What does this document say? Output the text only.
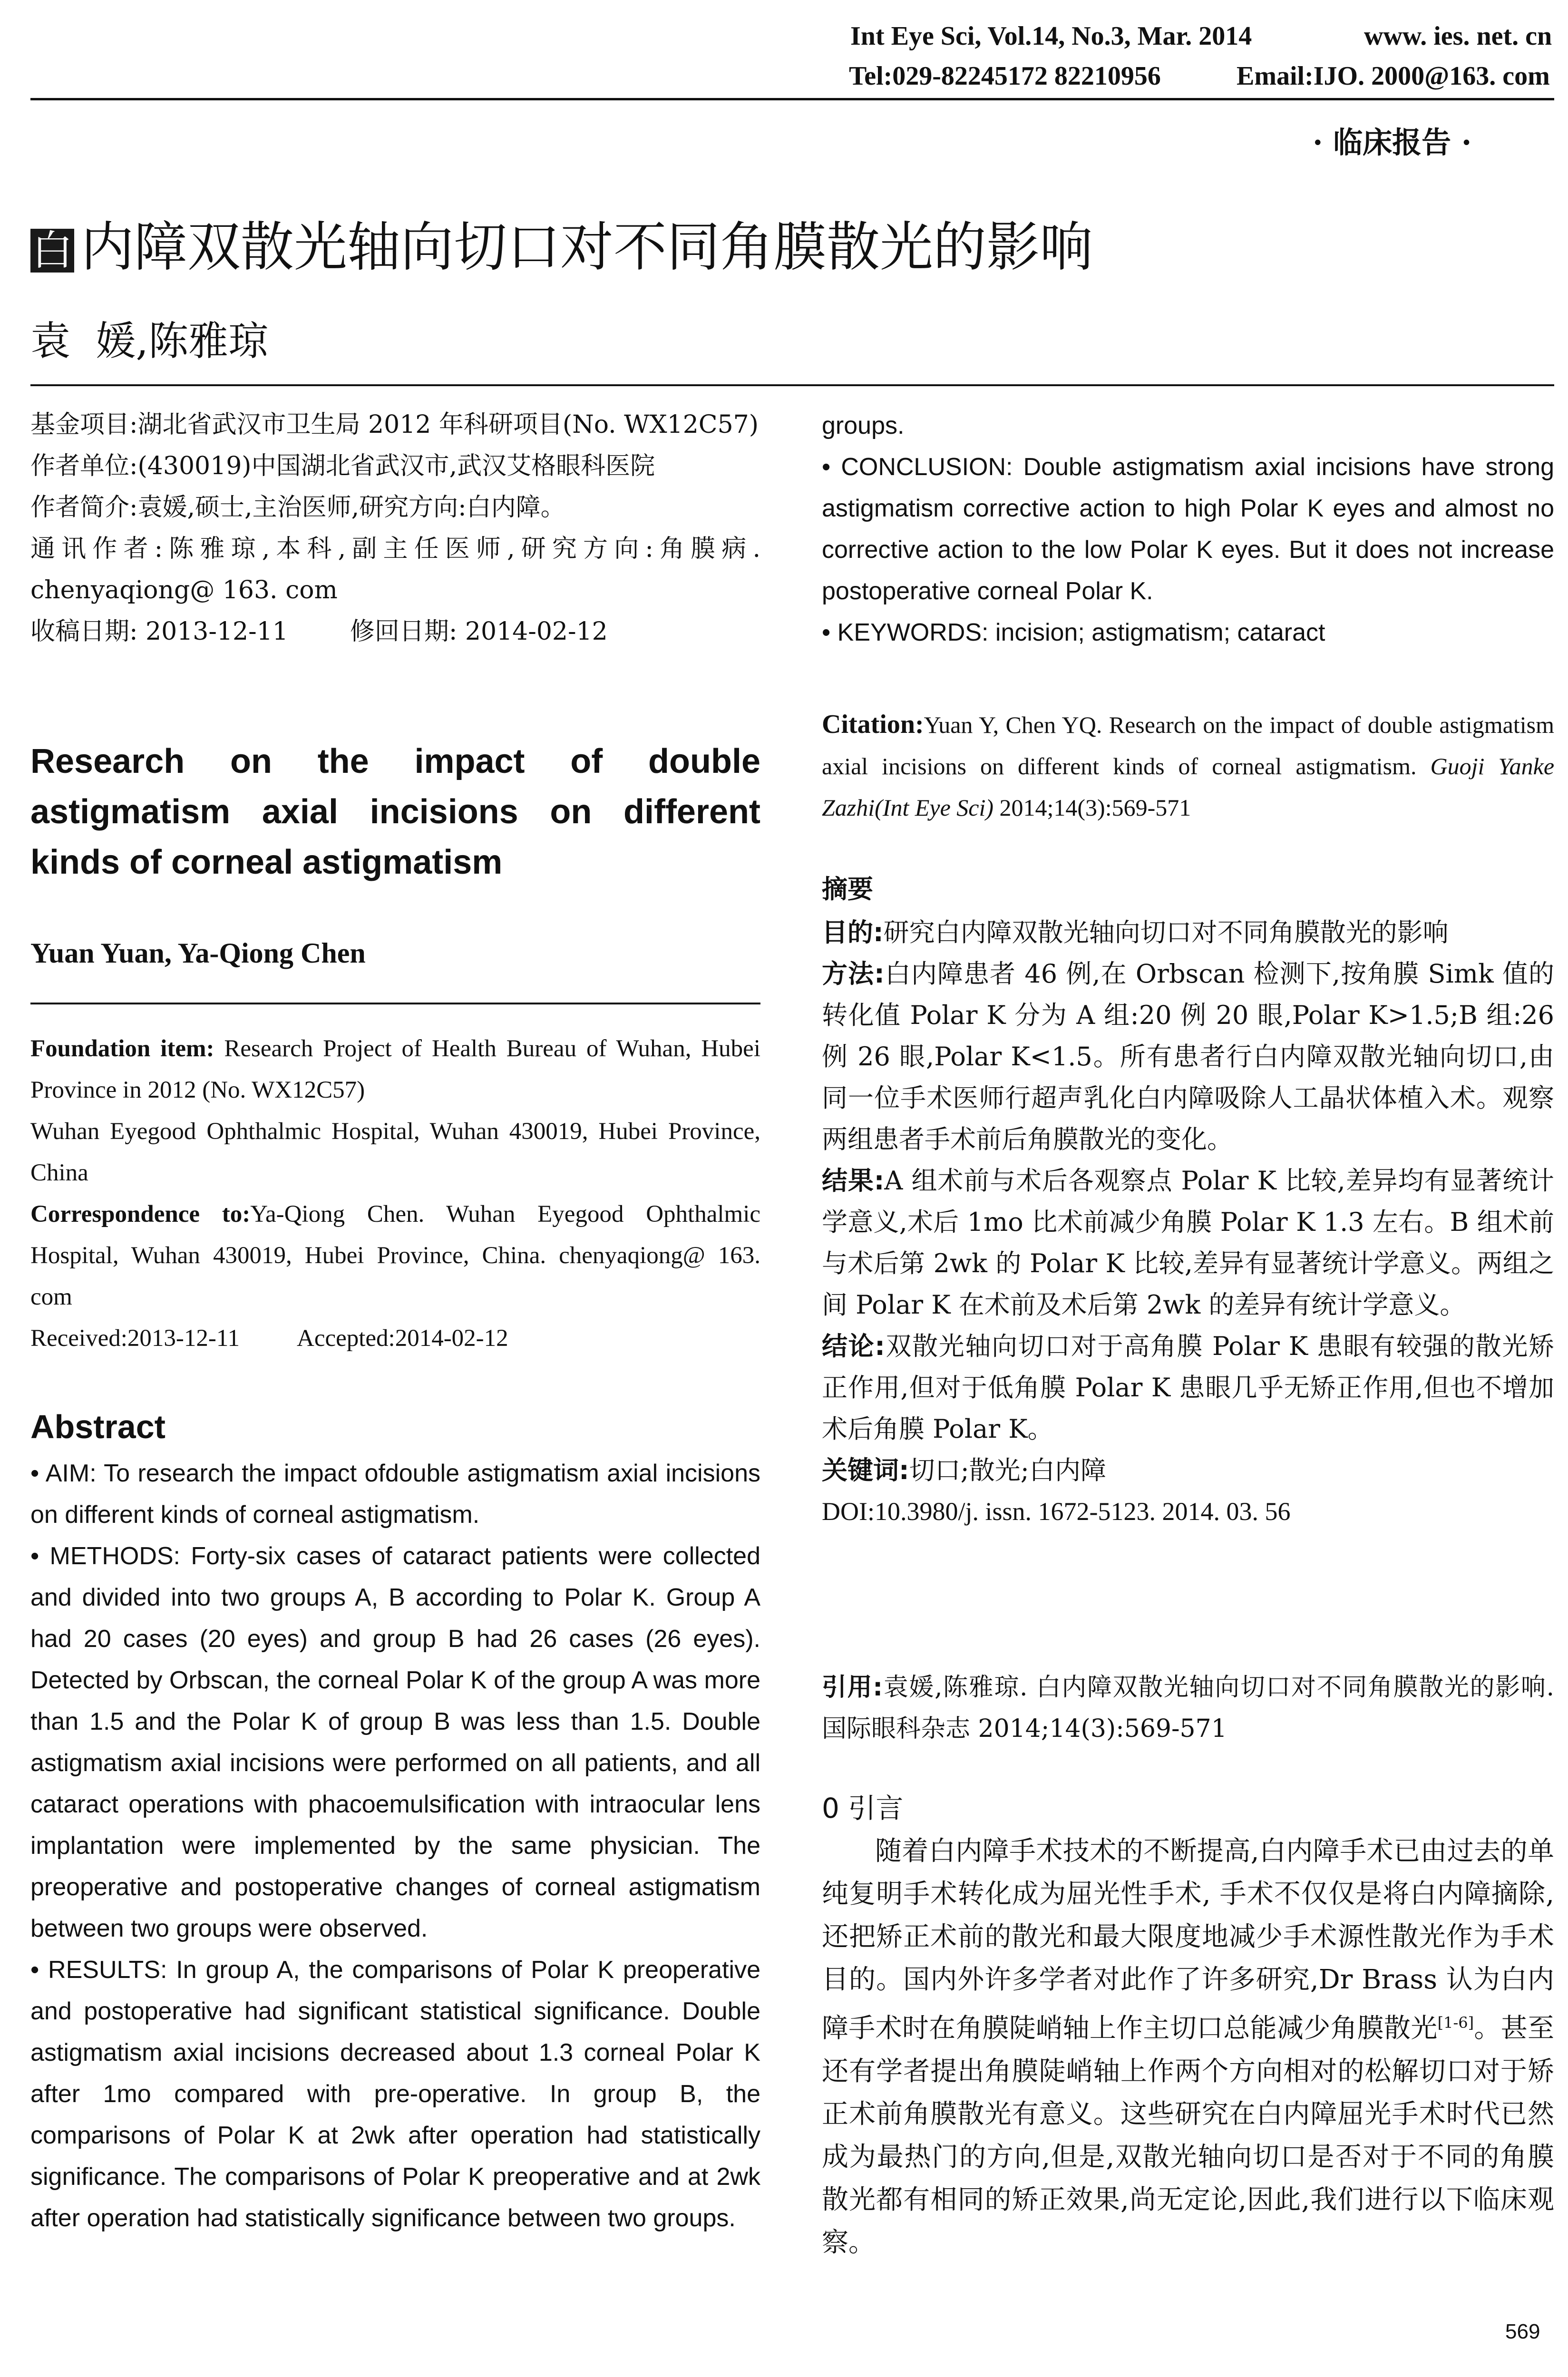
Int Eye Sci, Vol.14, No.3, Mar. 2014	www. ies. net. cn
Tel:029-82245172 82210956	Email:IJO. 2000@163. com
· 临床报告 ·
白 内障双散光轴向切口对不同角膜散光的影响
袁  媛,陈雅琼

基金项目:湖北省武汉市卫生局 2012 年科研项目(No. WX12C57)

作者单位:(430019)中国湖北省武汉市,武汉艾格眼科医院

作者简介:袁媛,硕士,主治医师,研究方向:白内障。

通讯作者:陈雅琼,本科,副主任医师,研究方向:角膜病. chenyaqiong@ 163. com

收稿日期: 2013-12-11	修回日期: 2014-02-12

Research on the impact of double astigmatism axial incisions on different kinds of corneal astigmatism
Yuan Yuan, Ya-Qiong Chen

Foundation item: Research Project of Health Bureau of Wuhan, Hubei Province in 2012 (No. WX12C57)

Wuhan Eyegood Ophthalmic Hospital, Wuhan 430019, Hubei Province, China

Correspondence to:Ya-Qiong Chen. Wuhan Eyegood Ophthalmic Hospital, Wuhan 430019, Hubei Province, China. chenyaqiong@ 163. com

Received:2013-12-11 Accepted:2014-02-12

Abstract

• AIM: To research the impact ofdouble astigmatism axial incisions on different kinds of corneal astigmatism.

• METHODS: Forty-six cases of cataract patients were collected and divided into two groups A, B according to Polar K. Group A had 20 cases (20 eyes) and group B had 26 cases (26 eyes). Detected by Orbscan, the corneal Polar K of the group A was more than 1.5 and the Polar K of group B was less than 1.5. Double astigmatism axial incisions were performed on all patients, and all cataract operations with phacoemulsification with intraocular lens implantation were implemented by the same physician. The preoperative and postoperative changes of corneal astigmatism between two groups were observed.

• RESULTS: In group A, the comparisons of Polar K preoperative and postoperative had significant statistical significance. Double astigmatism axial incisions decreased about 1.3 corneal Polar K after 1mo compared with pre-operative. In group B, the comparisons of Polar K at 2wk after operation had statistically significance. The comparisons of Polar K preoperative and at 2wk after operation had statistically significance between two groups.

groups.

• CONCLUSION: Double astigmatism axial incisions have strong astigmatism corrective action to high Polar K eyes and almost no corrective action to the low Polar K eyes. But it does not increase postoperative corneal Polar K.

• KEYWORDS: incision; astigmatism; cataract

Citation:Yuan Y, Chen YQ. Research on the impact of double astigmatism axial incisions on different kinds of corneal astigmatism. Guoji Yanke Zazhi(Int Eye Sci) 2014;14(3):569-571

摘要

目的:研究白内障双散光轴向切口对不同角膜散光的影响

方法:白内障患者 46 例,在 Orbscan 检测下,按角膜 Simk 值的转化值 Polar K 分为 A 组:20 例 20 眼,Polar K>1.5;B 组:26 例 26 眼,Polar K<1.5。所有患者行白内障双散光轴向切口,由同一位手术医师行超声乳化白内障吸除人工晶状体植入术。观察两组患者手术前后角膜散光的变化。

结果:A 组术前与术后各观察点 Polar K 比较,差异均有显著统计学意义,术后 1mo 比术前减少角膜 Polar K 1.3 左右。B 组术前与术后第 2wk 的 Polar K 比较,差异有显著统计学意义。两组之间 Polar K 在术前及术后第 2wk 的差异有统计学意义。

结论:双散光轴向切口对于高角膜 Polar K 患眼有较强的散光矫正作用,但对于低角膜 Polar K 患眼几乎无矫正作用,但也不增加术后角膜 Polar K。

关键词:切口;散光;白内障

DOI:10.3980/j. issn. 1672-5123. 2014. 03. 56

引用:袁媛,陈雅琼. 白内障双散光轴向切口对不同角膜散光的影响. 国际眼科杂志 2014;14(3):569-571

0 引言

随着白内障手术技术的不断提高,白内障手术已由过去的单纯复明手术转化成为屈光性手术, 手术不仅仅是将白内障摘除, 还把矫正术前的散光和最大限度地减少手术源性散光作为手术目的。国内外许多学者对此作了许多研究,Dr Brass 认为白内障手术时在角膜陡峭轴上作主切口总能减少角膜散光[1-6]。甚至还有学者提出角膜陡峭轴上作两个方向相对的松解切口对于矫正术前角膜散光有意义。这些研究在白内障屈光手术时代已然成为最热门的方向,但是,双散光轴向切口是否对于不同的角膜散光都有相同的矫正效果,尚无定论,因此,我们进行以下临床观察。

569
